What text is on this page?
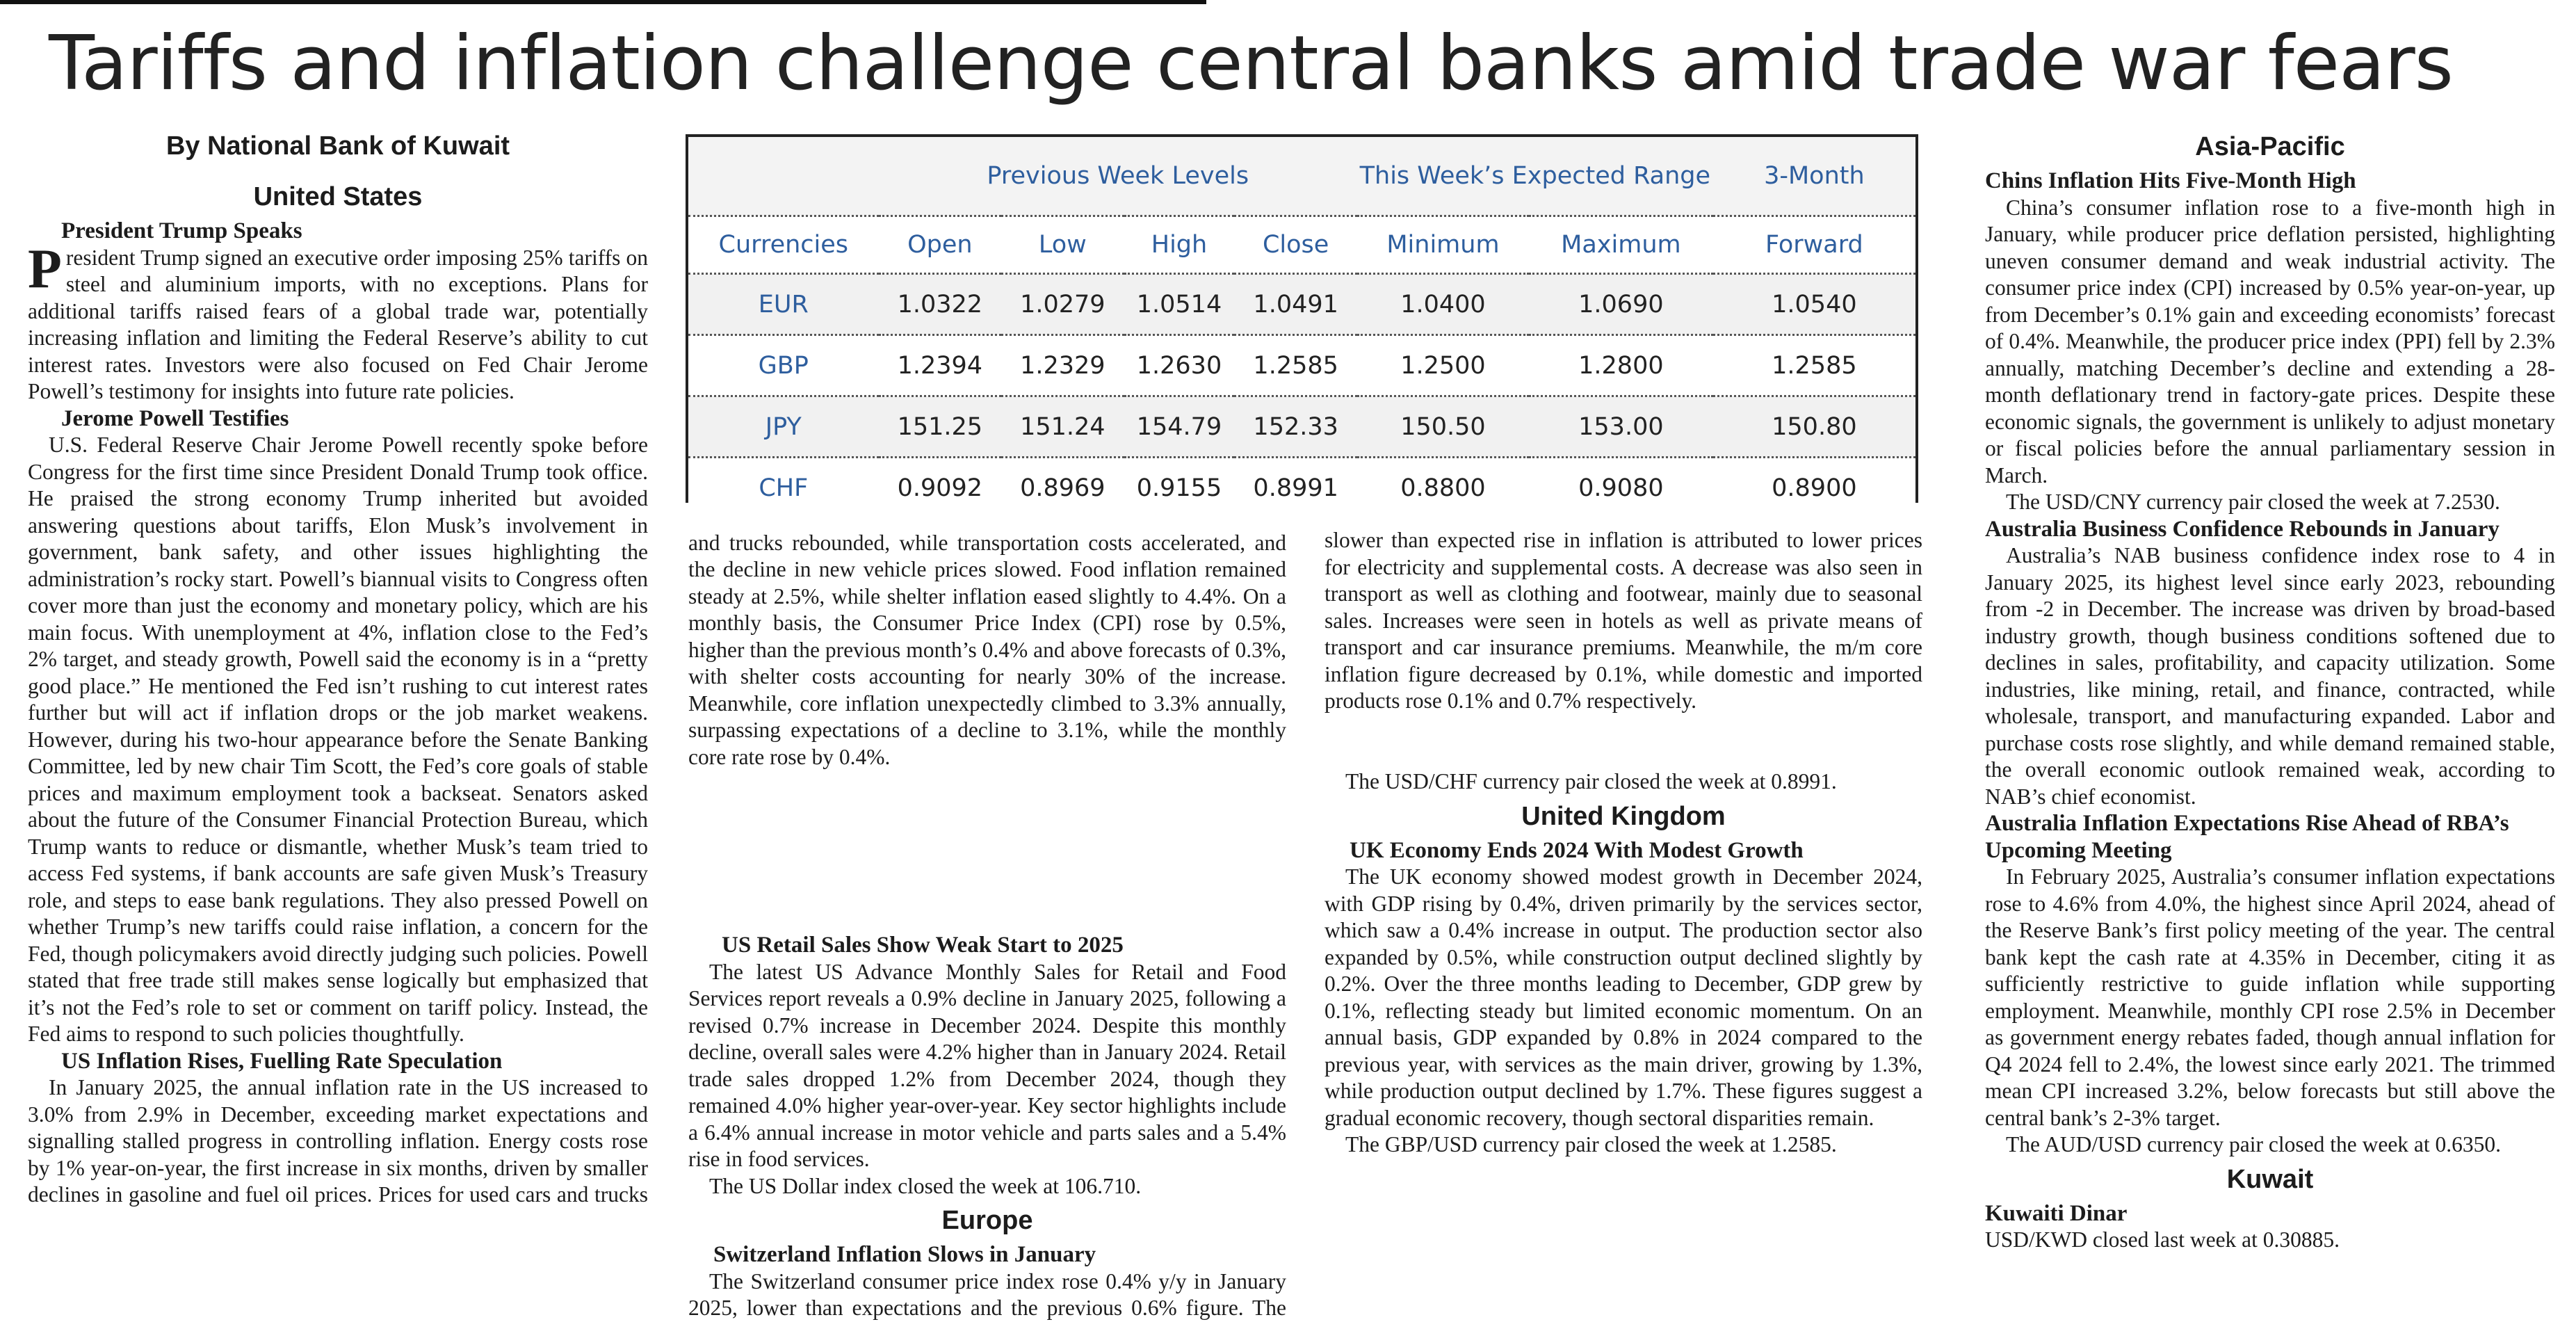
Tariffs and inflation challenge central banks amid trade war fears
By National Bank of Kuwait
United States
President Trump Speaks

President Trump signed an executive order imposing 25% tariffs on steel and aluminium imports, with no exceptions. Plans for additional tariffs raised fears of a global trade war, potentially increasing inflation and limiting the Federal Reserve’s ability to cut interest rates. Investors were also focused on Fed Chair Jerome Powell’s testimony for insights into future rate policies.

Jerome Powell Testifies

U.S. Federal Reserve Chair Jerome Powell recently spoke before Congress for the first time since President Donald Trump took office. He praised the strong economy Trump inherited but avoided answering questions about tariffs, Elon Musk’s involvement in government, bank safety, and other issues highlighting the administration’s rocky start. Powell’s biannual visits to Congress often cover more than just the economy and monetary policy, which are his main focus. With unemployment at 4%, inflation close to the Fed’s 2% target, and steady growth, Powell said the economy is in a “pretty good place.” He mentioned the Fed isn’t rushing to cut interest rates further but will act if inflation drops or the job market weakens. However, during his two-hour appearance before the Senate Banking Committee, led by new chair Tim Scott, the Fed’s core goals of stable prices and maximum employment took a backseat. Senators asked about the future of the Consumer Financial Protection Bureau, which Trump wants to reduce or dismantle, whether Musk’s team tried to access Fed systems, if bank accounts are safe given Musk’s Treasury role, and steps to ease bank regulations. They also pressed Powell on whether Trump’s new tariffs could raise inflation, a concern for the Fed, though policymakers avoid directly judging such policies. Powell stated that free trade still makes sense logically but emphasized that it’s not the Fed’s role to set or comment on tariff policy. Instead, the Fed aims to respond to such policies thoughtfully.

US Inflation Rises, Fuelling Rate Speculation

In January 2025, the annual inflation rate in the US increased to 3.0% from 2.9% in December, exceeding market expectations and signalling stalled progress in controlling inflation. Energy costs rose by 1% year-on-year, the first increase in six months, driven by smaller declines in gasoline and fuel oil prices. Prices for used cars and trucks

	Previous Week Levels				This Week’s Expected Range		3-Month
Currencies	Open	Low	High	Close	Minimum	Maximum	Forward
EUR	1.0322	1.0279	1.0514	1.0491	1.0400	1.0690	1.0540
GBP	1.2394	1.2329	1.2630	1.2585	1.2500	1.2800	1.2585
JPY	151.25	151.24	154.79	152.33	150.50	153.00	150.80
CHF	0.9092	0.8969	0.9155	0.8991	0.8800	0.9080	0.8900

and trucks rebounded, while transportation costs accelerated, and the decline in new vehicle prices slowed. Food inflation remained steady at 2.5%, while shelter inflation eased slightly to 4.4%. On a monthly basis, the Consumer Price Index (CPI) rose by 0.5%, higher than the previous month’s 0.4% and above forecasts of 0.3%, with shelter costs accounting for nearly 30% of the increase. Meanwhile, core inflation unexpectedly climbed to 3.3% annually, surpassing expectations of a decline to 3.1%, while the monthly core rate rose by 0.4%.

US Retail Sales Show Weak Start to 2025

The latest US Advance Monthly Sales for Retail and Food Services report reveals a 0.9% decline in January 2025, following a revised 0.7% increase in December 2024. Despite this monthly decline, overall sales were 4.2% higher than in January 2024. Retail trade sales dropped 1.2% from December 2024, though they remained 4.0% higher year-over-year. Key sector highlights include a 6.4% annual increase in motor vehicle and parts sales and a 5.4% rise in food services.

The US Dollar index closed the week at 106.710.

Europe
Switzerland Inflation Slows in January

The Switzerland consumer price index rose 0.4% y/y in January 2025, lower than expectations and the previous 0.6% figure. The

slower than expected rise in inflation is attributed to lower prices for electricity and supplemental costs. A decrease was also seen in transport as well as clothing and footwear, mainly due to seasonal sales. Increases were seen in hotels as well as private means of transport and car insurance premiums. Meanwhile, the m/m core inflation figure decreased by 0.1%, while domestic and imported products rose 0.1% and 0.7% respectively.

The USD/CHF currency pair closed the week at 0.8991.

United Kingdom
UK Economy Ends 2024 With Modest Growth

The UK economy showed modest growth in December 2024, with GDP rising by 0.4%, driven primarily by the services sector, which saw a 0.4% increase in output. The production sector also expanded by 0.5%, while construction output declined slightly by 0.2%. Over the three months leading to December, GDP grew by 0.1%, reflecting steady but limited economic momentum. On an annual basis, GDP expanded by 0.8% in 2024 compared to the previous year, with services as the main driver, growing by 1.3%, while production output declined by 1.7%. These figures suggest a gradual economic recovery, though sectoral disparities remain.

The GBP/USD currency pair closed the week at 1.2585.

Asia-Pacific
Chins Inflation Hits Five-Month High

China’s consumer inflation rose to a five-month high in January, while producer price deflation persisted, highlighting uneven consumer demand and weak industrial activity. The consumer price index (CPI) increased by 0.5% year-on-year, up from December’s 0.1% gain and exceeding economists’ forecast of 0.4%. Meanwhile, the producer price index (PPI) fell by 2.3% annually, matching December’s decline and extending a 28-month deflationary trend in factory-gate prices. Despite these economic signals, the government is unlikely to adjust monetary or fiscal policies before the annual parliamentary session in March.

The USD/CNY currency pair closed the week at 7.2530.

Australia Business Confidence Rebounds in January

Australia’s NAB business confidence index rose to 4 in January 2025, its highest level since early 2023, rebounding from -2 in December. The increase was driven by broad-based industry growth, though business conditions softened due to declines in sales, profitability, and capacity utilization. Some industries, like mining, retail, and finance, contracted, while wholesale, transport, and manufacturing expanded. Labor and purchase costs rose slightly, and while demand remained stable, the overall economic outlook remained weak, according to NAB’s chief economist.

Australia Inflation Expectations Rise Ahead of RBA’s Upcoming Meeting

In February 2025, Australia’s consumer inflation expectations rose to 4.6% from 4.0%, the highest since April 2024, ahead of the Reserve Bank’s first policy meeting of the year. The central bank kept the cash rate at 4.35% in December, citing it as sufficiently restrictive to guide inflation while supporting employment. Meanwhile, monthly CPI rose 2.5% in December as government energy rebates faded, though annual inflation for Q4 2024 fell to 2.4%, the lowest since early 2021. The trimmed mean CPI increased 3.2%, below forecasts but still above the central bank’s 2-3% target.

The AUD/USD currency pair closed the week at 0.6350.

Kuwait
Kuwaiti Dinar

USD/KWD closed last week at 0.30885.
